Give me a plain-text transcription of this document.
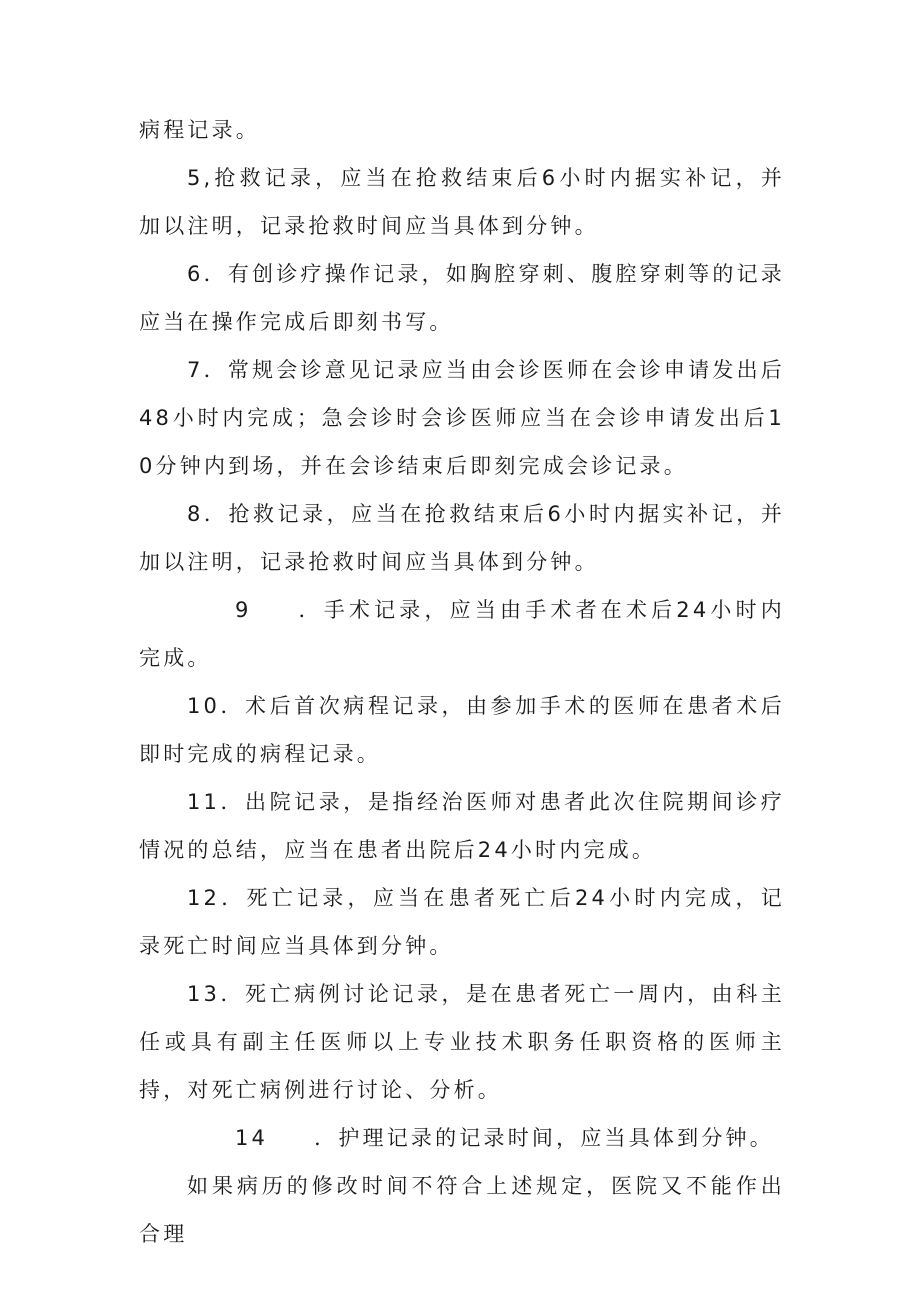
病程记录。

5,抢救记录，应当在抢救结束后6小时内据实补记，并加以注明，记录抢救时间应当具体到分钟。

6．有创诊疗操作记录，如胸腔穿刺、腹腔穿刺等的记录应当在操作完成后即刻书写。

7．常规会诊意见记录应当由会诊医师在会诊申请发出后48小时内完成；急会诊时会诊医师应当在会诊申请发出后10分钟内到场，并在会诊结束后即刻完成会诊记录。

8．抢救记录，应当在抢救结束后6小时内据实补记，并加以注明，记录抢救时间应当具体到分钟。

9 ．手术记录，应当由手术者在术后24小时内完成。

10．术后首次病程记录，由参加手术的医师在患者术后即时完成的病程记录。

11．出院记录，是指经治医师对患者此次住院期间诊疗情况的总结，应当在患者出院后24小时内完成。

12．死亡记录，应当在患者死亡后24小时内完成，记录死亡时间应当具体到分钟。

13．死亡病例讨论记录，是在患者死亡一周内，由科主任或具有副主任医师以上专业技术职务任职资格的医师主持，对死亡病例进行讨论、分析。

14 ．护理记录的记录时间，应当具体到分钟。

如果病历的修改时间不符合上述规定，医院又不能作出合理
